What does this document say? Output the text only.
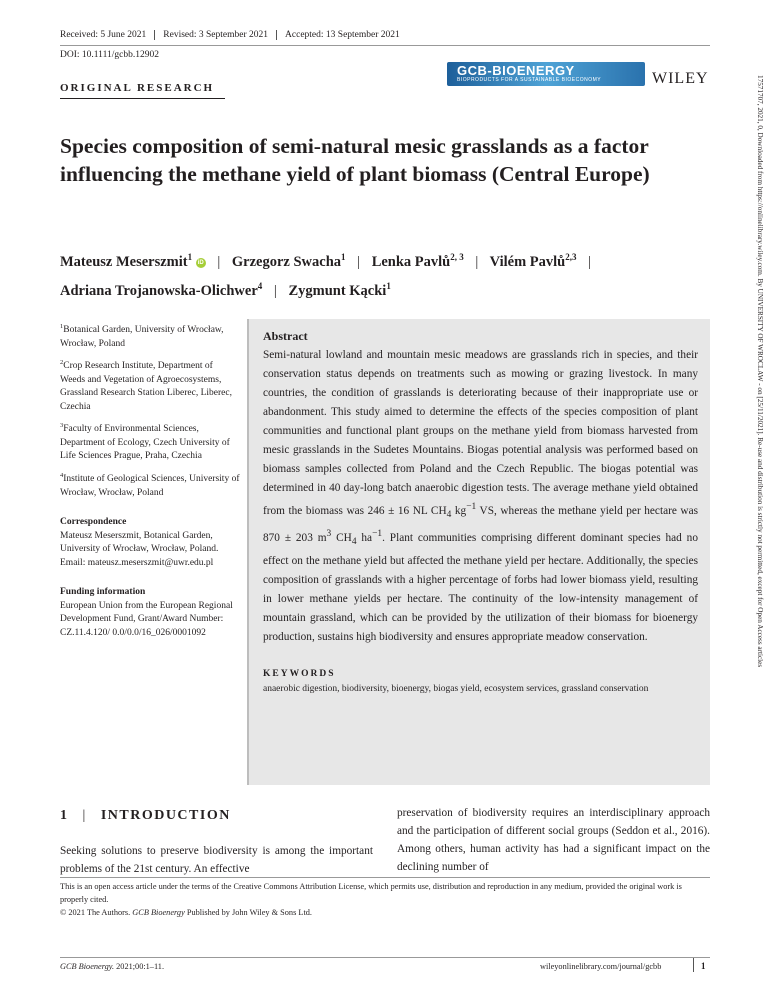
Received: 5 June 2021	Revised: 3 September 2021	Accepted: 13 September 2021
DOI: 10.1111/gcbb.12902
ORIGINAL RESEARCH
GCB-BIOENERGY
BIOPRODUCTS FOR A SUSTAINABLE BIOECONOMY	WILEY	17571707, 2021, 0, Downloaded from https://onlinelibrary.wiley.com. By UNIVERSITY OF WROCLAW - on [25/11/2021]. Re-use and distribution is strictly not permitted, except for Open Access articles
Species composition of semi-natural mesic grasslands as a factor influencing the methane yield of plant biomass (Central Europe)
Mateusz Meserszmit$^1$ iD | Grzegorz Swacha$^1$ | Lenka Pavlů$^{2, 3}$ | Vilém Pavlů$^{2,3}$ |
Adriana Trojanowska-Olichwer$^4$ | Zygmunt Kącki$^1$

$^1$Botanical Garden, University of Wrocław, Wrocław, Poland

$^2$Crop Research Institute, Department of Weeds and Vegetation of Agroecosystems, Grassland Research Station Liberec, Liberec, Czechia

$^3$Faculty of Environmental Sciences, Department of Ecology, Czech University of Life Sciences Prague, Praha, Czechia

$^4$Institute of Geological Sciences, University of Wrocław, Wrocław, Poland

Correspondence
Mateusz Meserszmit, Botanical Garden, University of Wrocław, Wrocław, Poland.
Email: mateusz.meserszmit@uwr.edu.pl
Funding information
European Union from the European Regional Development Fund, Grant/Award Number: CZ.11.4.120/ 0.0/0.0/16_026/0001092
Abstract
Semi-natural lowland and mountain mesic meadows are grasslands rich in species, and their conservation status depends on treatments such as mowing or grazing livestock. In many countries, the condition of grasslands is deteriorating because of their inappropriate use or abandonment. This study aimed to determine the effects of the species composition of plant communities and functional plant groups on the methane yield from biomass harvested from mesic grasslands in the Sudetes Mountains. Biogas potential analysis was performed based on biomass samples collected from Poland and the Czech Republic. The biogas potential was determined in 40 day-long batch anaerobic digestion tests. The average methane yield obtained from the biomass was 246 ± 16 NL $CH_4$ $kg^{-1}$ VS, whereas the methane yield per hectare was 870 ± 203 $m^3$ $CH_4$ $ha^{-1}$. Plant communities comprising different dominant species had no effect on the methane yield but affected the methane yield per hectare. Additionally, the species composition of grasslands with a higher percentage of forbs had lower biomass yield, resulting in lower methane yields per hectare. The continuity of the low-intensity management of mountain grassland, which can be provided by the utilization of their biomass for bioenergy production, sustains high biodiversity and ensures appropriate meadow conservation.
KEYWORDS
anaerobic digestion, biodiversity, bioenergy, biogas yield, ecosystem services, grassland conservation
1 | INTRODUCTION
Seeking solutions to preserve biodiversity is among the important problems of the 21st century. An effective
preservation of biodiversity requires an interdisciplinary approach and the participation of different social groups (Seddon et al., 2016). Among others, human activity has had a significant impact on the declining number of
This is an open access article under the terms of the Creative Commons Attribution License, which permits use, distribution and reproduction in any medium, provided the original work is properly cited.
© 2021 The Authors. GCB Bioenergy Published by John Wiley & Sons Ltd.
GCB Bioenergy. 2021;00:1–11.	wileyonlinelibrary.com/journal/gcbb	1
